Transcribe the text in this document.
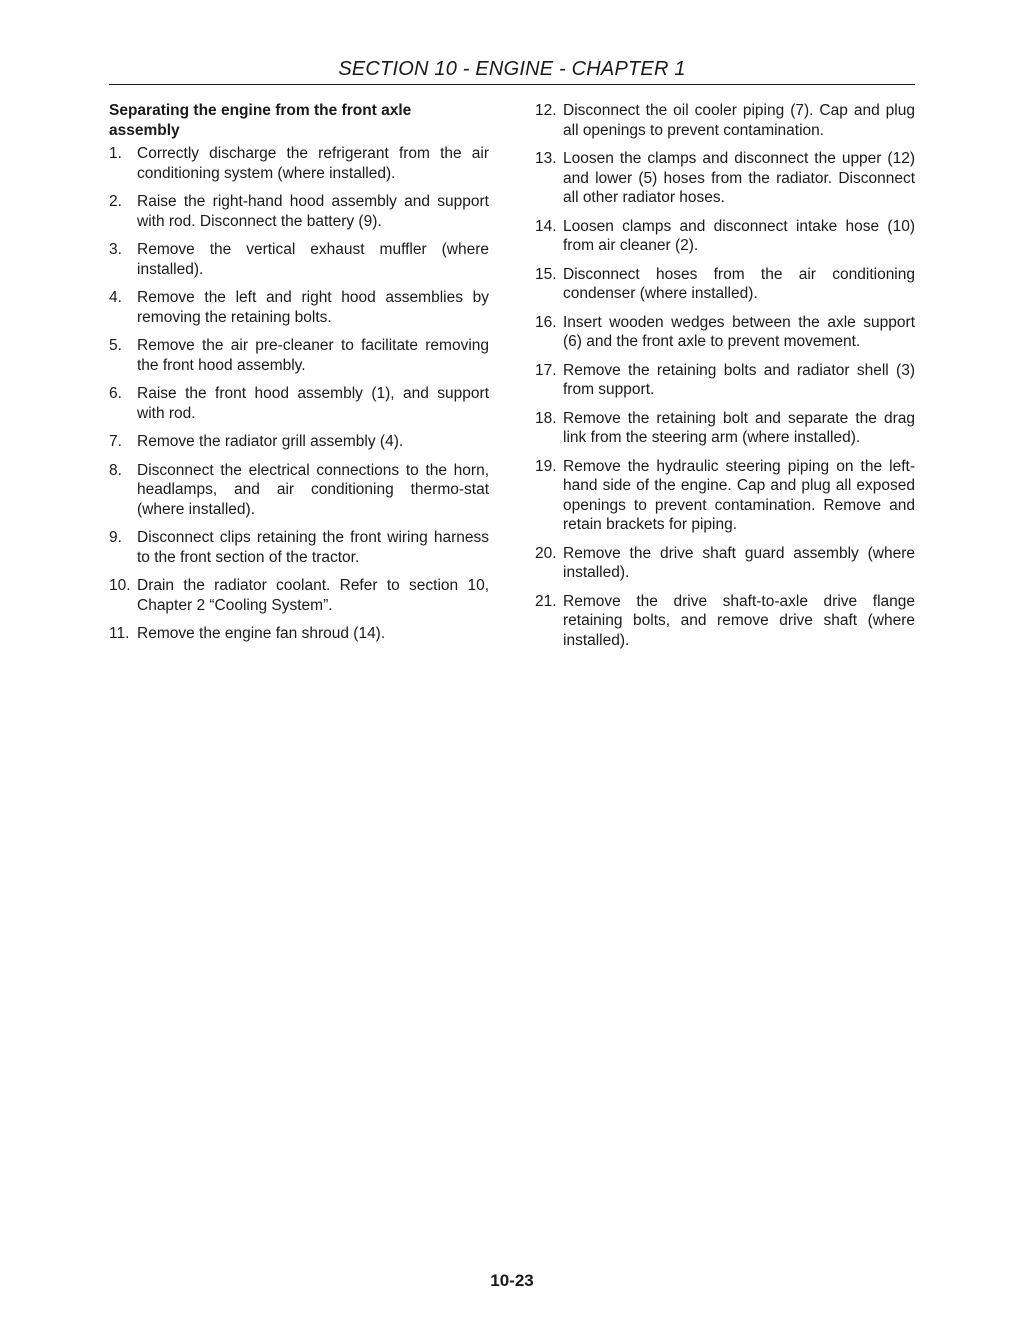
SECTION 10 - ENGINE - CHAPTER 1
Separating the engine from the front axle assembly
1. Correctly discharge the refrigerant from the air conditioning system (where installed).
2. Raise the right-hand hood assembly and support with rod. Disconnect the battery (9).
3. Remove the vertical exhaust muffler (where installed).
4. Remove the left and right hood assemblies by removing the retaining bolts.
5. Remove the air pre-cleaner to facilitate removing the front hood assembly.
6. Raise the front hood assembly (1), and support with rod.
7. Remove the radiator grill assembly (4).
8. Disconnect the electrical connections to the horn, headlamps, and air conditioning thermo-stat (where installed).
9. Disconnect clips retaining the front wiring harness to the front section of the tractor.
10. Drain the radiator coolant. Refer to section 10, Chapter 2 “Cooling System”.
11. Remove the engine fan shroud (14).
12. Disconnect the oil cooler piping (7). Cap and plug all openings to prevent contamination.
13. Loosen the clamps and disconnect the upper (12) and lower (5) hoses from the radiator. Disconnect all other radiator hoses.
14. Loosen clamps and disconnect intake hose (10) from air cleaner (2).
15. Disconnect hoses from the air conditioning condenser (where installed).
16. Insert wooden wedges between the axle support (6) and the front axle to prevent movement.
17. Remove the retaining bolts and radiator shell (3) from support.
18. Remove the retaining bolt and separate the drag link from the steering arm (where installed).
19. Remove the hydraulic steering piping on the left-hand side of the engine. Cap and plug all exposed openings to prevent contamination. Remove and retain brackets for piping.
20. Remove the drive shaft guard assembly (where installed).
21. Remove the drive shaft-to-axle drive flange retaining bolts, and remove drive shaft (where installed).
10-23
